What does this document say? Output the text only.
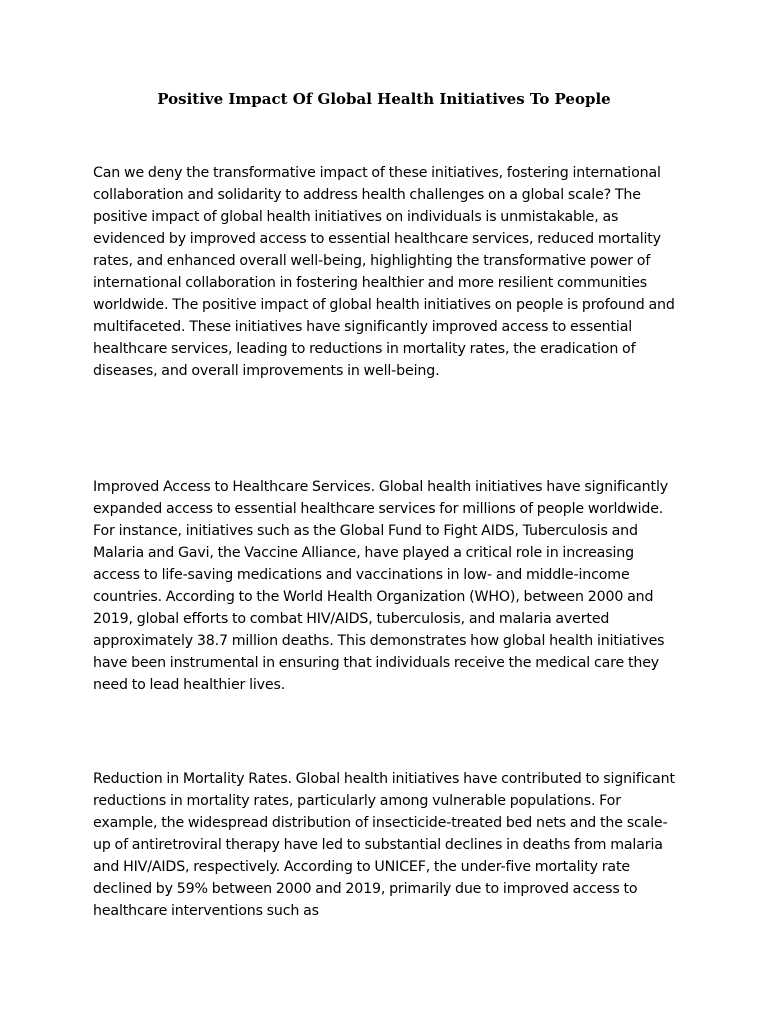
Positive Impact Of Global Health Initiatives To People

Can we deny the transformative impact of these initiatives, fostering international collaboration and solidarity to address health challenges on a global scale? The positive impact of global health initiatives on individuals is unmistakable, as evidenced by improved access to essential healthcare services, reduced mortality rates, and enhanced overall well-being, highlighting the transformative power of international collaboration in fostering healthier and more resilient communities worldwide. The positive impact of global health initiatives on people is profound and multifaceted. These initiatives have significantly improved access to essential healthcare services, leading to reductions in mortality rates, the eradication of diseases, and overall improvements in well-being.

Improved Access to Healthcare Services. Global health initiatives have significantly expanded access to essential healthcare services for millions of people worldwide. For instance, initiatives such as the Global Fund to Fight AIDS, Tuberculosis and Malaria and Gavi, the Vaccine Alliance, have played a critical role in increasing access to life-saving medications and vaccinations in low- and middle-income countries. According to the World Health Organization (WHO), between 2000 and 2019, global efforts to combat HIV/AIDS, tuberculosis, and malaria averted approximately 38.7 million deaths. This demonstrates how global health initiatives have been instrumental in ensuring that individuals receive the medical care they need to lead healthier lives.

Reduction in Mortality Rates. Global health initiatives have contributed to significant reductions in mortality rates, particularly among vulnerable populations. For example, the widespread distribution of insecticide-treated bed nets and the scale-up of antiretroviral therapy have led to substantial declines in deaths from malaria and HIV/AIDS, respectively. According to UNICEF, the under-five mortality rate declined by 59% between 2000 and 2019, primarily due to improved access to healthcare interventions such as
